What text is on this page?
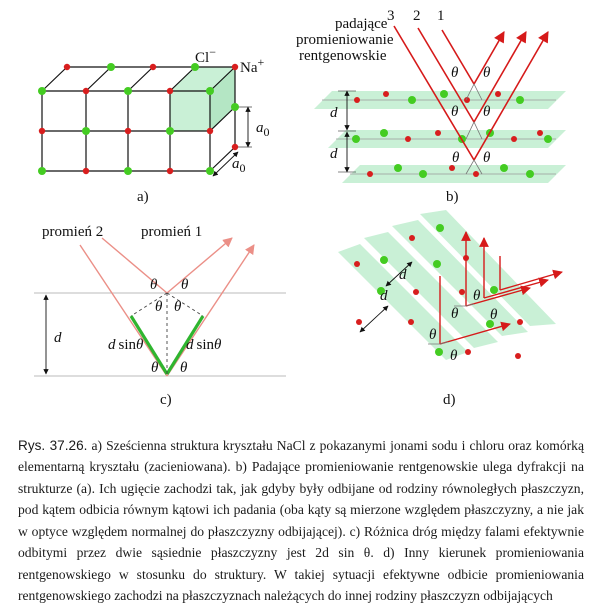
Cl−
Na+
$a_0$
$a_0$
a)
θ θ
θ θ
θ θ
d
d
padające
promieniowanie
rentgenowskie
3 2 1
b)
d
θ θ
θ θ
θ θ
d sinθ	d sinθ
promień 2	promień 1
c)
d
d	θ
θ
θ
θ
θ
d)

Rys. 37.26. a) Sześcienna struktura kryształu NaCl z pokazanymi jonami sodu i chloru oraz komórką elementarną kryształu (zacieniowana). b) Padające promieniowanie rentgenowskie ulega dyfrakcji na strukturze (a). Ich ugięcie zachodzi tak, jak gdyby były odbijane od rodziny równoległych płaszczyzn, pod kątem odbicia równym kątowi ich padania (oba kąty są mierzone względem płaszczyzny, a nie jak w optyce względem normalnej do płaszczyzny odbijającej). c) Różnica dróg między falami efektywnie odbitymi przez dwie sąsiednie płaszczyzny jest 2d sin θ. d) Inny kierunek promieniowania rentgenowskiego w stosunku do struktury. W takiej sytuacji efektywne odbicie promieniowania rentgenowskiego zachodzi na płaszczyznach należących do innej rodziny płaszczyzn odbijających
